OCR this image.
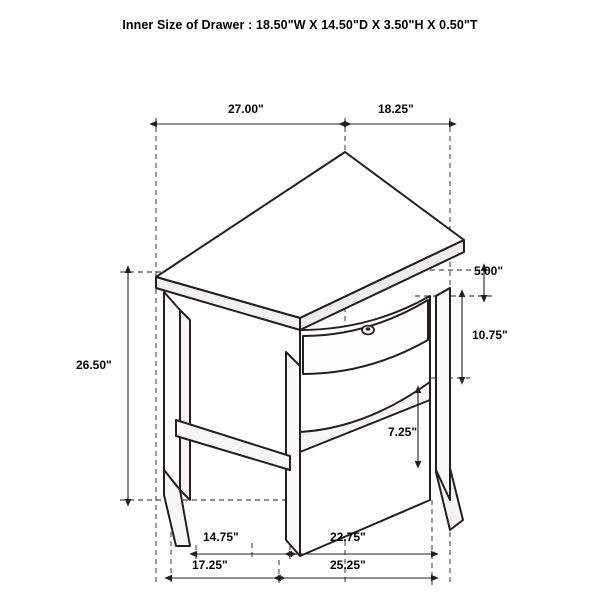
Inner Size of Drawer : 18.50"W X 14.50"D X 3.50"H X 0.50"T
27.00"	18.25"
5.00"
10.75"
26.50"
7.25"
14.75"	22.75"
17.25"	25.25"
